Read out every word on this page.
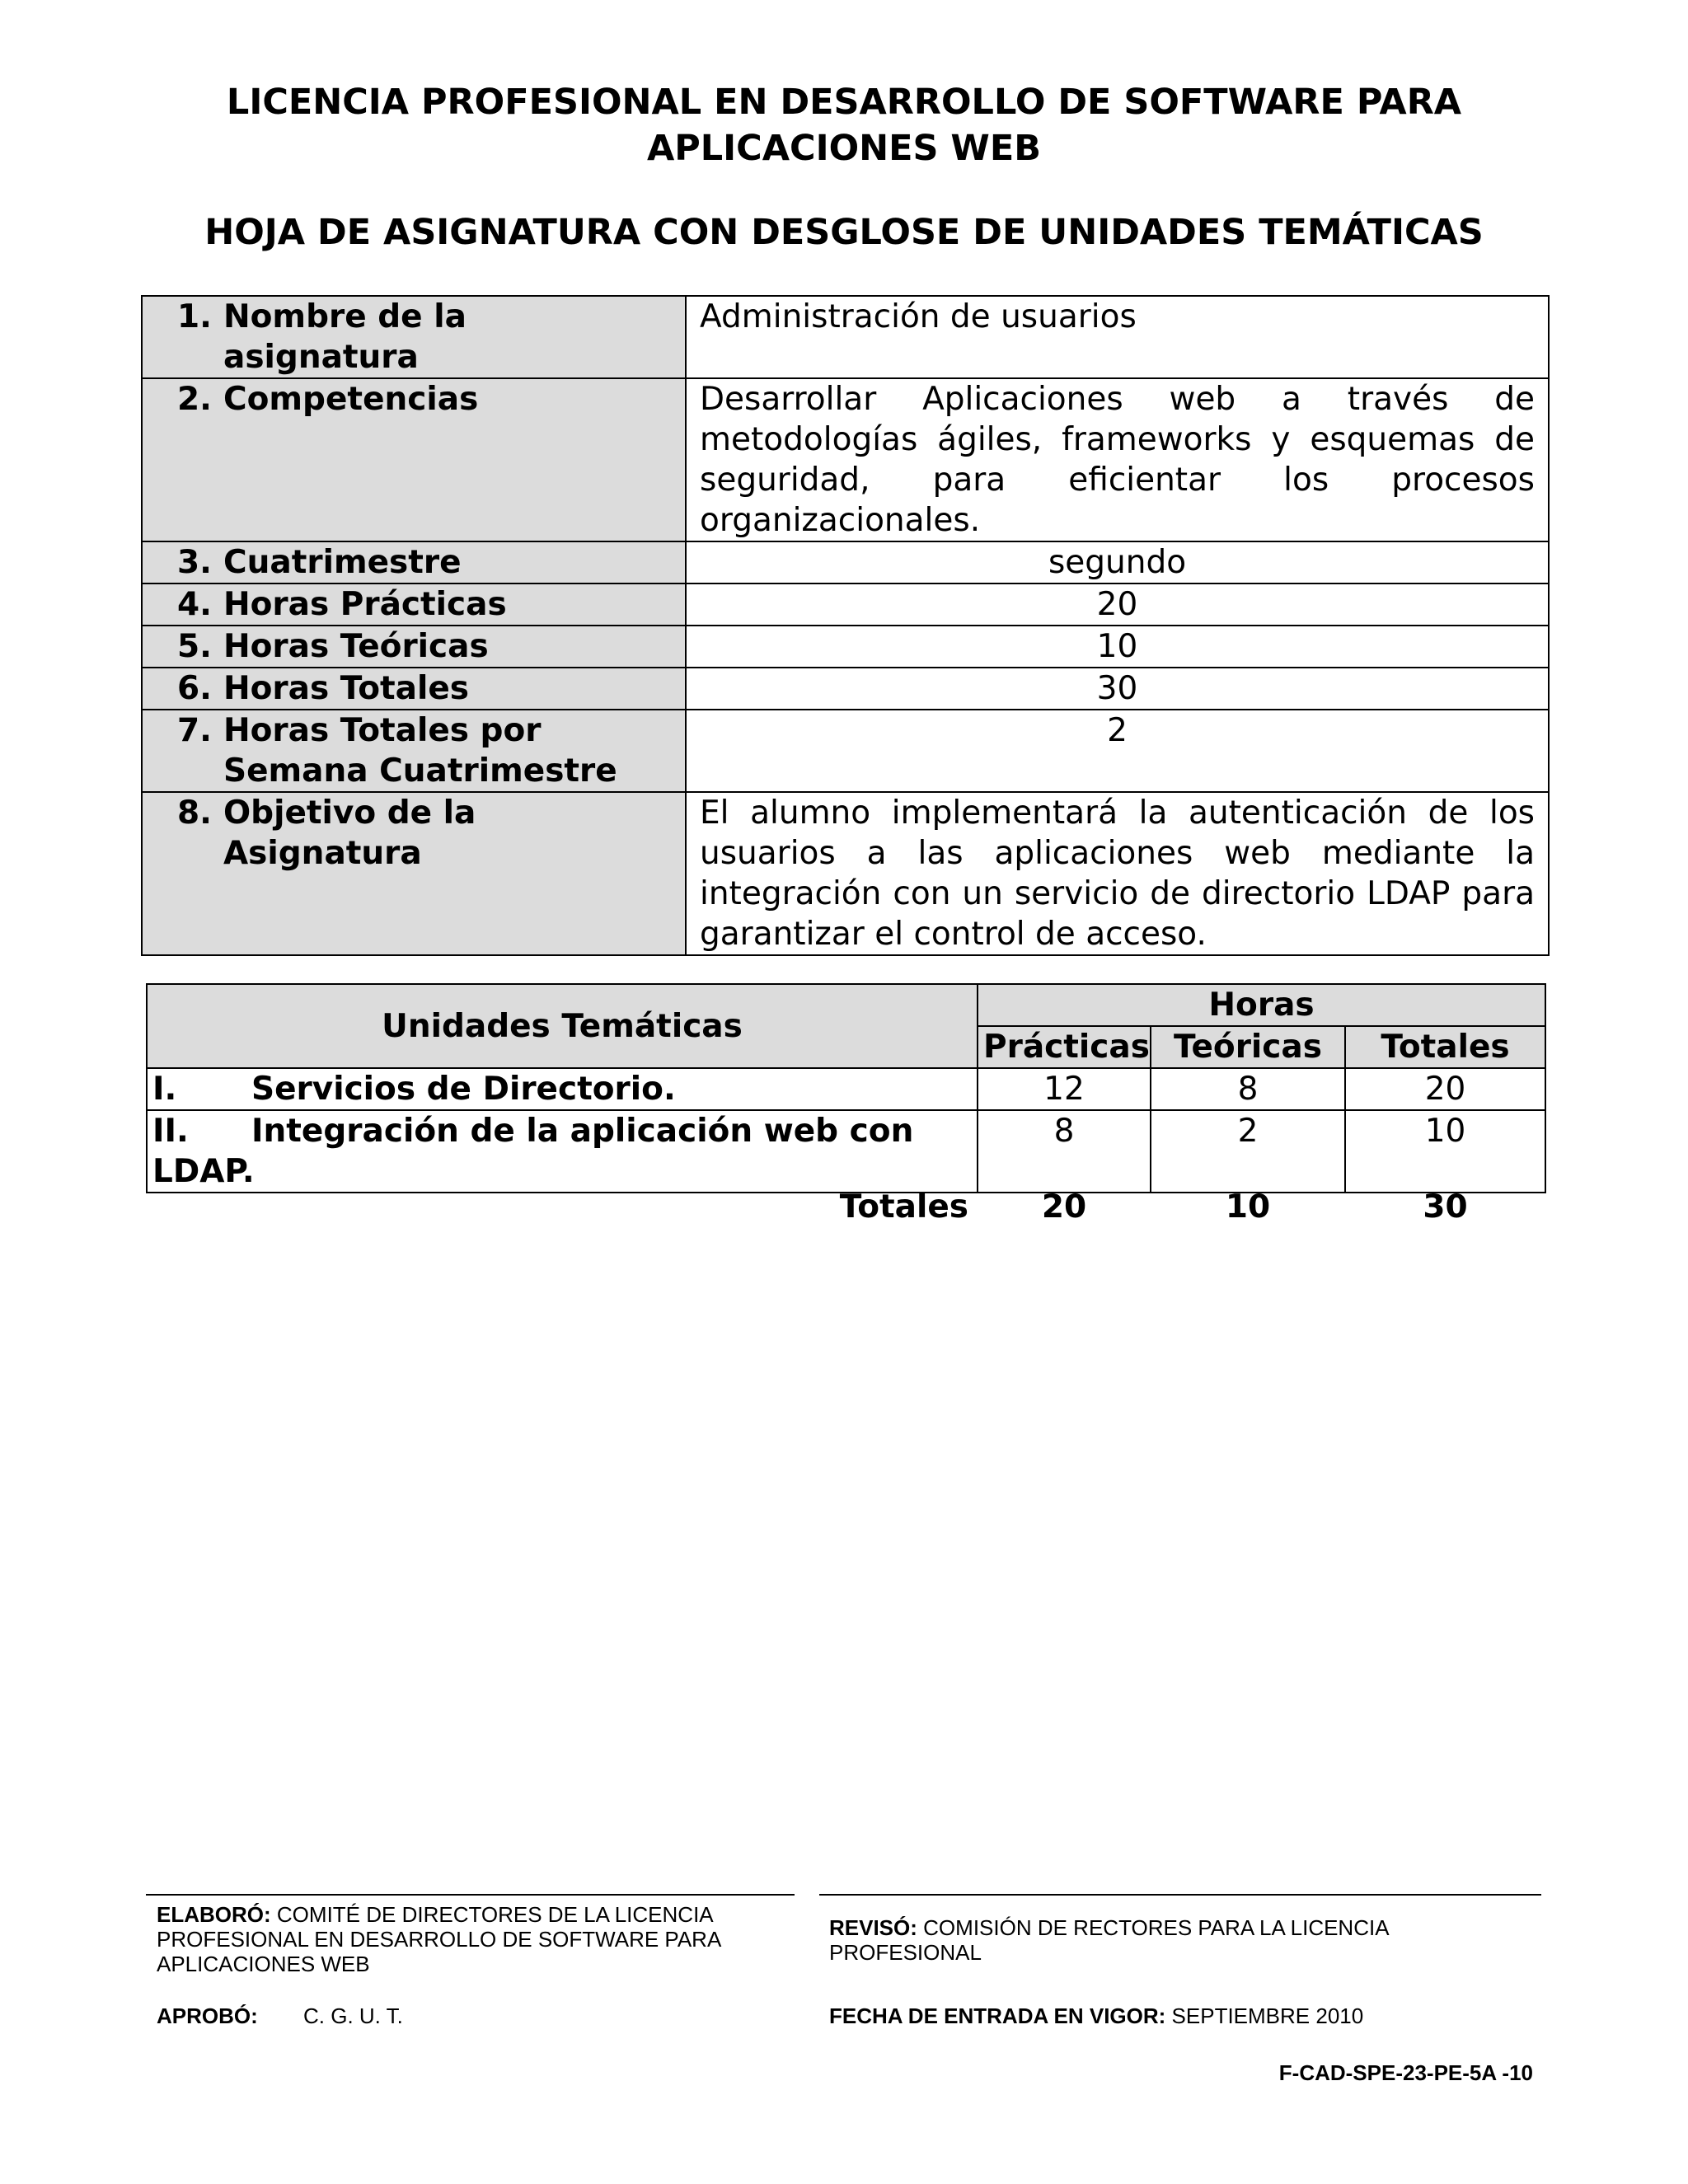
LICENCIA PROFESIONAL EN DESARROLLO DE SOFTWARE PARA
APLICACIONES WEB
HOJA DE ASIGNATURA CON DESGLOSE DE UNIDADES TEMÁTICAS
1. Nombre de la asignatura	Administración de usuarios
2. Competencias	Desarrollar Aplicaciones web a través de metodologías ágiles, frameworks y esquemas de seguridad, para eficientar los procesos organizacionales.
3. Cuatrimestre	segundo
4. Horas Prácticas	20
5. Horas Teóricas	10
6. Horas Totales	30
7. Horas Totales por Semana Cuatrimestre	2
8. Objetivo de la Asignatura	El alumno implementará la autenticación de los usuarios a las aplicaciones web mediante la integración con un servicio de directorio LDAP para garantizar el control de acceso.
Unidades Temáticas	Horas		
	Prácticas	Teóricas	Totales
I. Servicios de Directorio.	12	8	20
II. Integración de la aplicación web con LDAP.	8	2	10
Totales	20	10	30
ELABORÓ: COMITÉ DE DIRECTORES DE LA LICENCIA PROFESIONAL EN DESARROLLO DE SOFTWARE PARA APLICACIONES WEB
REVISÓ: COMISIÓN DE RECTORES PARA LA LICENCIA PROFESIONAL
APROBÓ: C. G. U. T.	FECHA DE ENTRADA EN VIGOR: SEPTIEMBRE 2010
F-CAD-SPE-23-PE-5A -10
